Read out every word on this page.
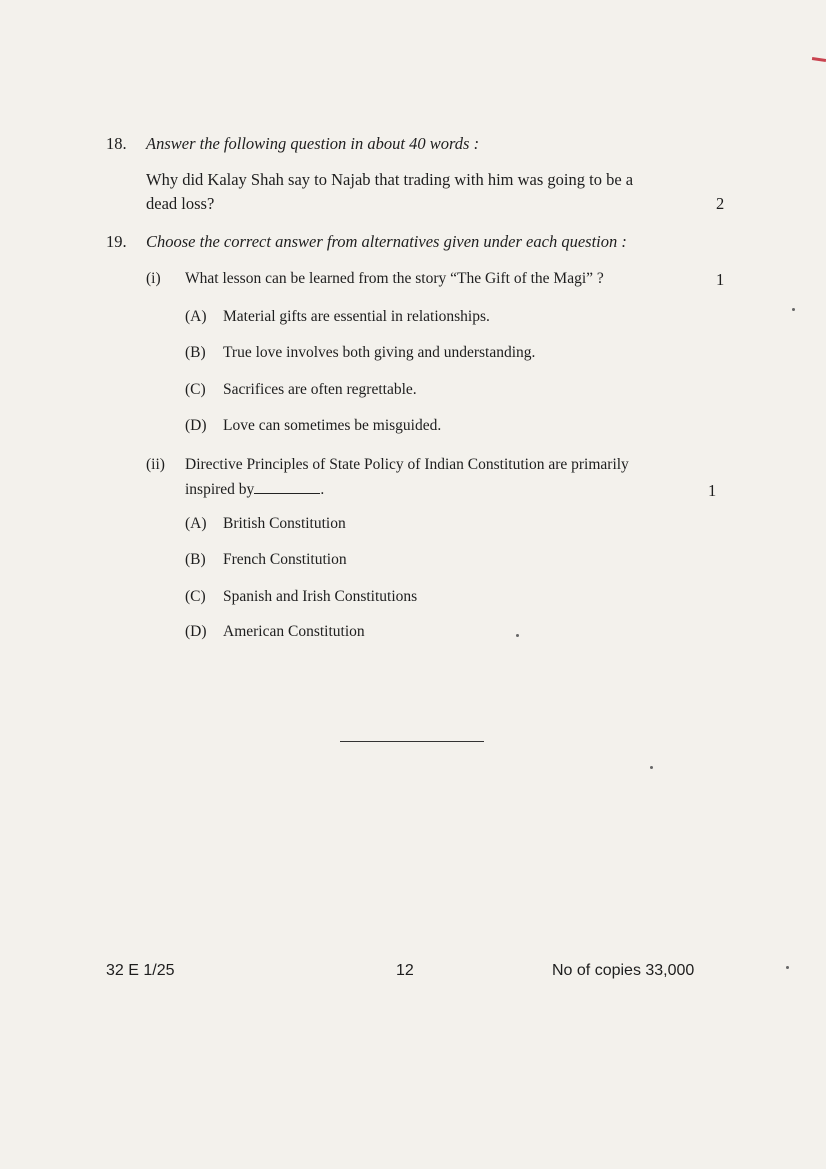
18. Answer the following question in about 40 words :
Why did Kalay Shah say to Najab that trading with him was going to be a
dead loss?	2
19. Choose the correct answer from alternatives given under each question :
(i) What lesson can be learned from the story “The Gift of the Magi” ?	1
(A) Material gifts are essential in relationships.
(B) True love involves both giving and understanding.
(C) Sacrifices are often regrettable.
(D) Love can sometimes be misguided.
(ii) Directive Principles of State Policy of Indian Constitution are primarily
inspired by	.	1
(A) British Constitution
(B) French Constitution
(C) Spanish and Irish Constitutions
(D) American Constitution
32 E 1/25	12	No of copies 33,000
